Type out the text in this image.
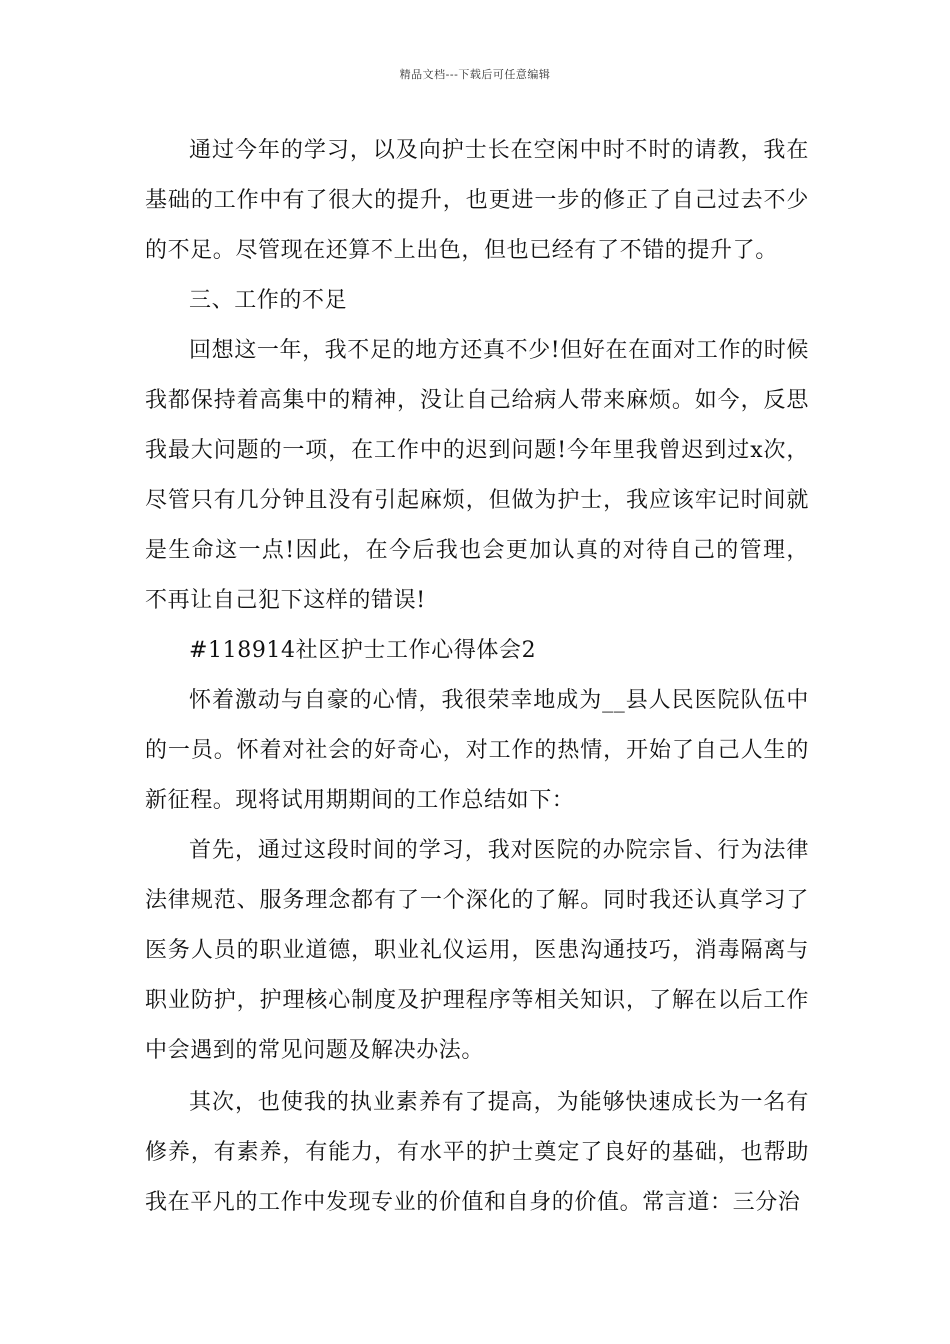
精品文档---下载后可任意编辑

通过今年的学习，以及向护士长在空闲中时不时的请教，我在基础的工作中有了很大的提升，也更进一步的修正了自己过去不少的不足。尽管现在还算不上出色，但也已经有了不错的提升了。

三、工作的不足

回想这一年，我不足的地方还真不少!但好在在面对工作的时候我都保持着高集中的精神，没让自己给病人带来麻烦。如今，反思我最大问题的一项，在工作中的迟到问题!今年里我曾迟到过x次，尽管只有几分钟且没有引起麻烦，但做为护士，我应该牢记时间就是生命这一点!因此，在今后我也会更加认真的对待自己的管理，不再让自己犯下这样的错误!

#118914社区护士工作心得体会2

怀着激动与自豪的心情，我很荣幸地成为__县人民医院队伍中的一员。怀着对社会的好奇心，对工作的热情，开始了自己人生的新征程。现将试用期期间的工作总结如下：

首先，通过这段时间的学习，我对医院的办院宗旨、行为法律法律规范、服务理念都有了一个深化的了解。同时我还认真学习了医务人员的职业道德，职业礼仪运用，医患沟通技巧，消毒隔离与职业防护，护理核心制度及护理程序等相关知识，了解在以后工作中会遇到的常见问题及解决办法。

其次，也使我的执业素养有了提高，为能够快速成长为一名有修养，有素养，有能力，有水平的护士奠定了良好的基础，也帮助我在平凡的工作中发现专业的价值和自身的价值。常言道：三分治
